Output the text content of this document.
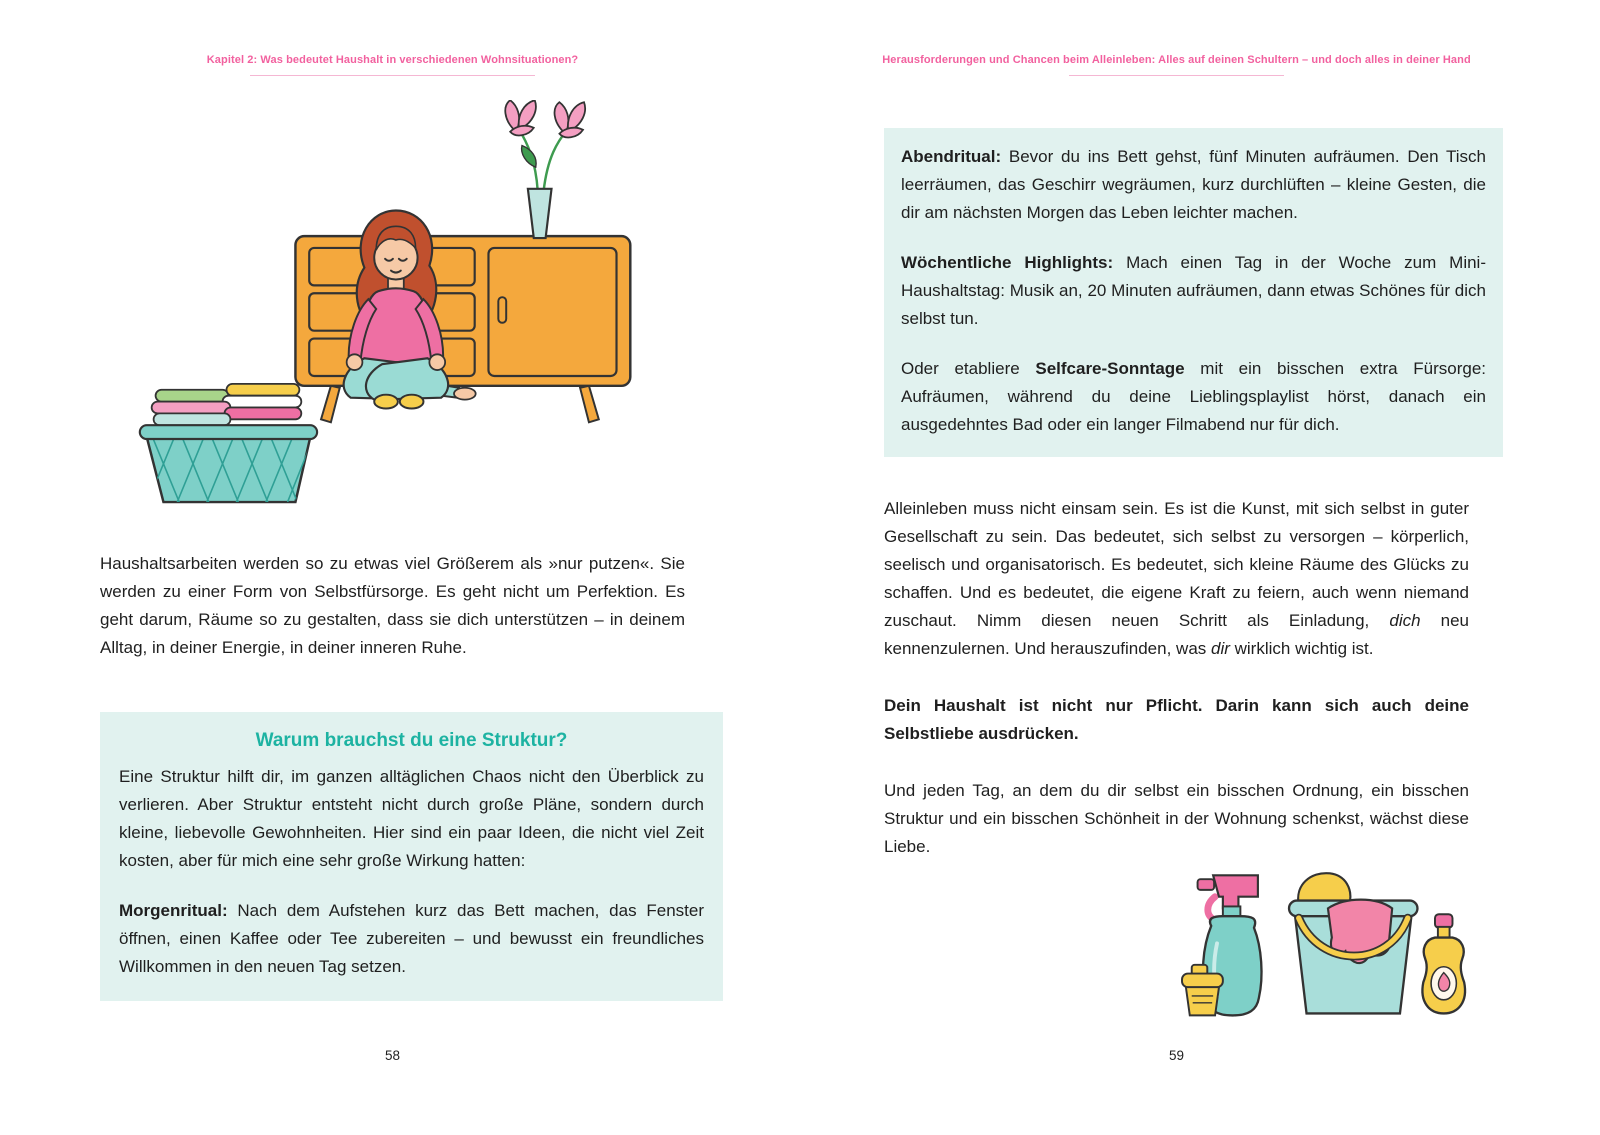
Kapitel 2: Was bedeutet Haushalt in verschiedenen Wohnsituationen?

Haushaltsarbeiten werden so zu etwas viel Größerem als »nur putzen«. Sie werden zu einer Form von Selbstfürsorge. Es geht nicht um Perfektion. Es geht darum, Räume so zu gestalten, dass sie dich unterstützen – in deinem Alltag, in deiner Energie, in deiner inneren Ruhe.

Warum brauchst du eine Struktur?

Eine Struktur hilft dir, im ganzen alltäglichen Chaos nicht den Überblick zu verlieren. Aber Struktur entsteht nicht durch große Pläne, sondern durch kleine, liebevolle Gewohnheiten. Hier sind ein paar Ideen, die nicht viel Zeit kosten, aber für mich eine sehr große Wirkung hatten:

Morgenritual: Nach dem Aufstehen kurz das Bett machen, das Fenster öffnen, einen Kaffee oder Tee zubereiten – und bewusst ein freundliches Willkommen in den neuen Tag setzen.

58
Herausforderungen und Chancen beim Alleinleben: Alles auf deinen Schultern – und doch alles in deiner Hand

Abendritual: Bevor du ins Bett gehst, fünf Minuten aufräumen. Den Tisch leerräumen, das Geschirr wegräumen, kurz durchlüften – kleine Gesten, die dir am nächsten Morgen das Leben leichter machen.

Wöchentliche Highlights: Mach einen Tag in der Woche zum Mini-Haushaltstag: Musik an, 20 Minuten aufräumen, dann etwas Schönes für dich selbst tun.

Oder etabliere Selfcare-Sonntage mit ein bisschen extra Fürsorge: Aufräumen, während du deine Lieblingsplaylist hörst, danach ein ausgedehntes Bad oder ein langer Filmabend nur für dich.

Alleinleben muss nicht einsam sein. Es ist die Kunst, mit sich selbst in guter Gesellschaft zu sein. Das bedeutet, sich selbst zu versorgen – körperlich, seelisch und organisatorisch. Es bedeutet, sich kleine Räume des Glücks zu schaffen. Und es bedeutet, die eigene Kraft zu feiern, auch wenn niemand zuschaut. Nimm diesen neuen Schritt als Einladung, dich neu kennenzulernen. Und herauszufinden, was dir wirklich wichtig ist.

Dein Haushalt ist nicht nur Pflicht. Darin kann sich auch deine Selbstliebe ausdrücken.

Und jeden Tag, an dem du dir selbst ein bisschen Ordnung, ein bisschen Struktur und ein bisschen Schönheit in der Wohnung schenkst, wächst diese Liebe.

59
